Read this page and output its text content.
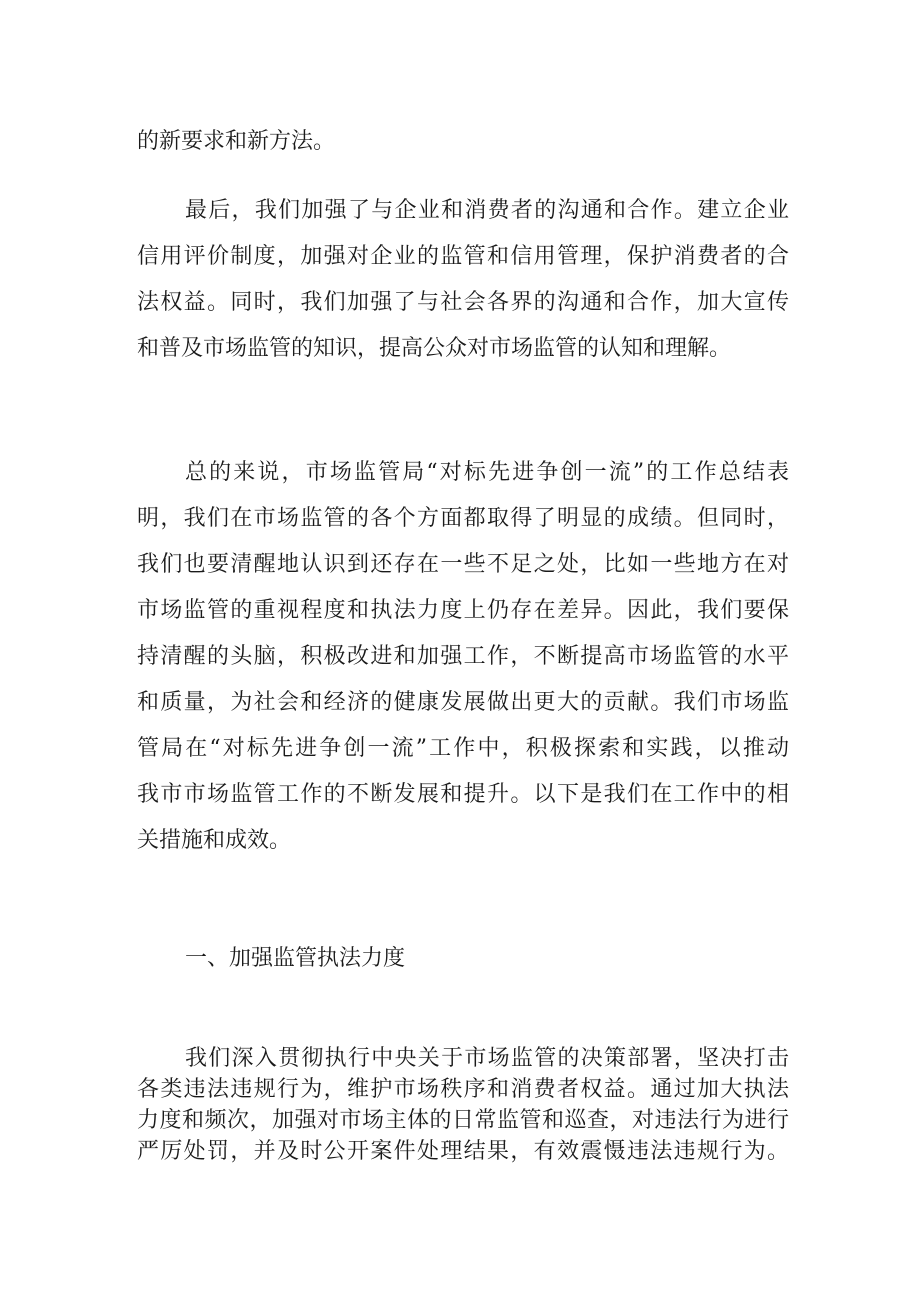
的新要求和新方法。
最后，我们加强了与企业和消费者的沟通和合作。建立企业
信用评价制度，加强对企业的监管和信用管理，保护消费者的合
法权益。同时，我们加强了与社会各界的沟通和合作，加大宣传
和普及市场监管的知识，提高公众对市场监管的认知和理解。
总的来说，市场监管局“对标先进争创一流”的工作总结表
明，我们在市场监管的各个方面都取得了明显的成绩。但同时，
我们也要清醒地认识到还存在一些不足之处，比如一些地方在对
市场监管的重视程度和执法力度上仍存在差异。因此，我们要保
持清醒的头脑，积极改进和加强工作，不断提高市场监管的水平
和质量，为社会和经济的健康发展做出更大的贡献。我们市场监
管局在“对标先进争创一流”工作中，积极探索和实践，以推动
我市市场监管工作的不断发展和提升。以下是我们在工作中的相
关措施和成效。
一、加强监管执法力度
我们深入贯彻执行中央关于市场监管的决策部署，坚决打击
各类违法违规行为，维护市场秩序和消费者权益。通过加大执法
力度和频次，加强对市场主体的日常监管和巡查，对违法行为进行
严厉处罚，并及时公开案件处理结果，有效震慑违法违规行为。
